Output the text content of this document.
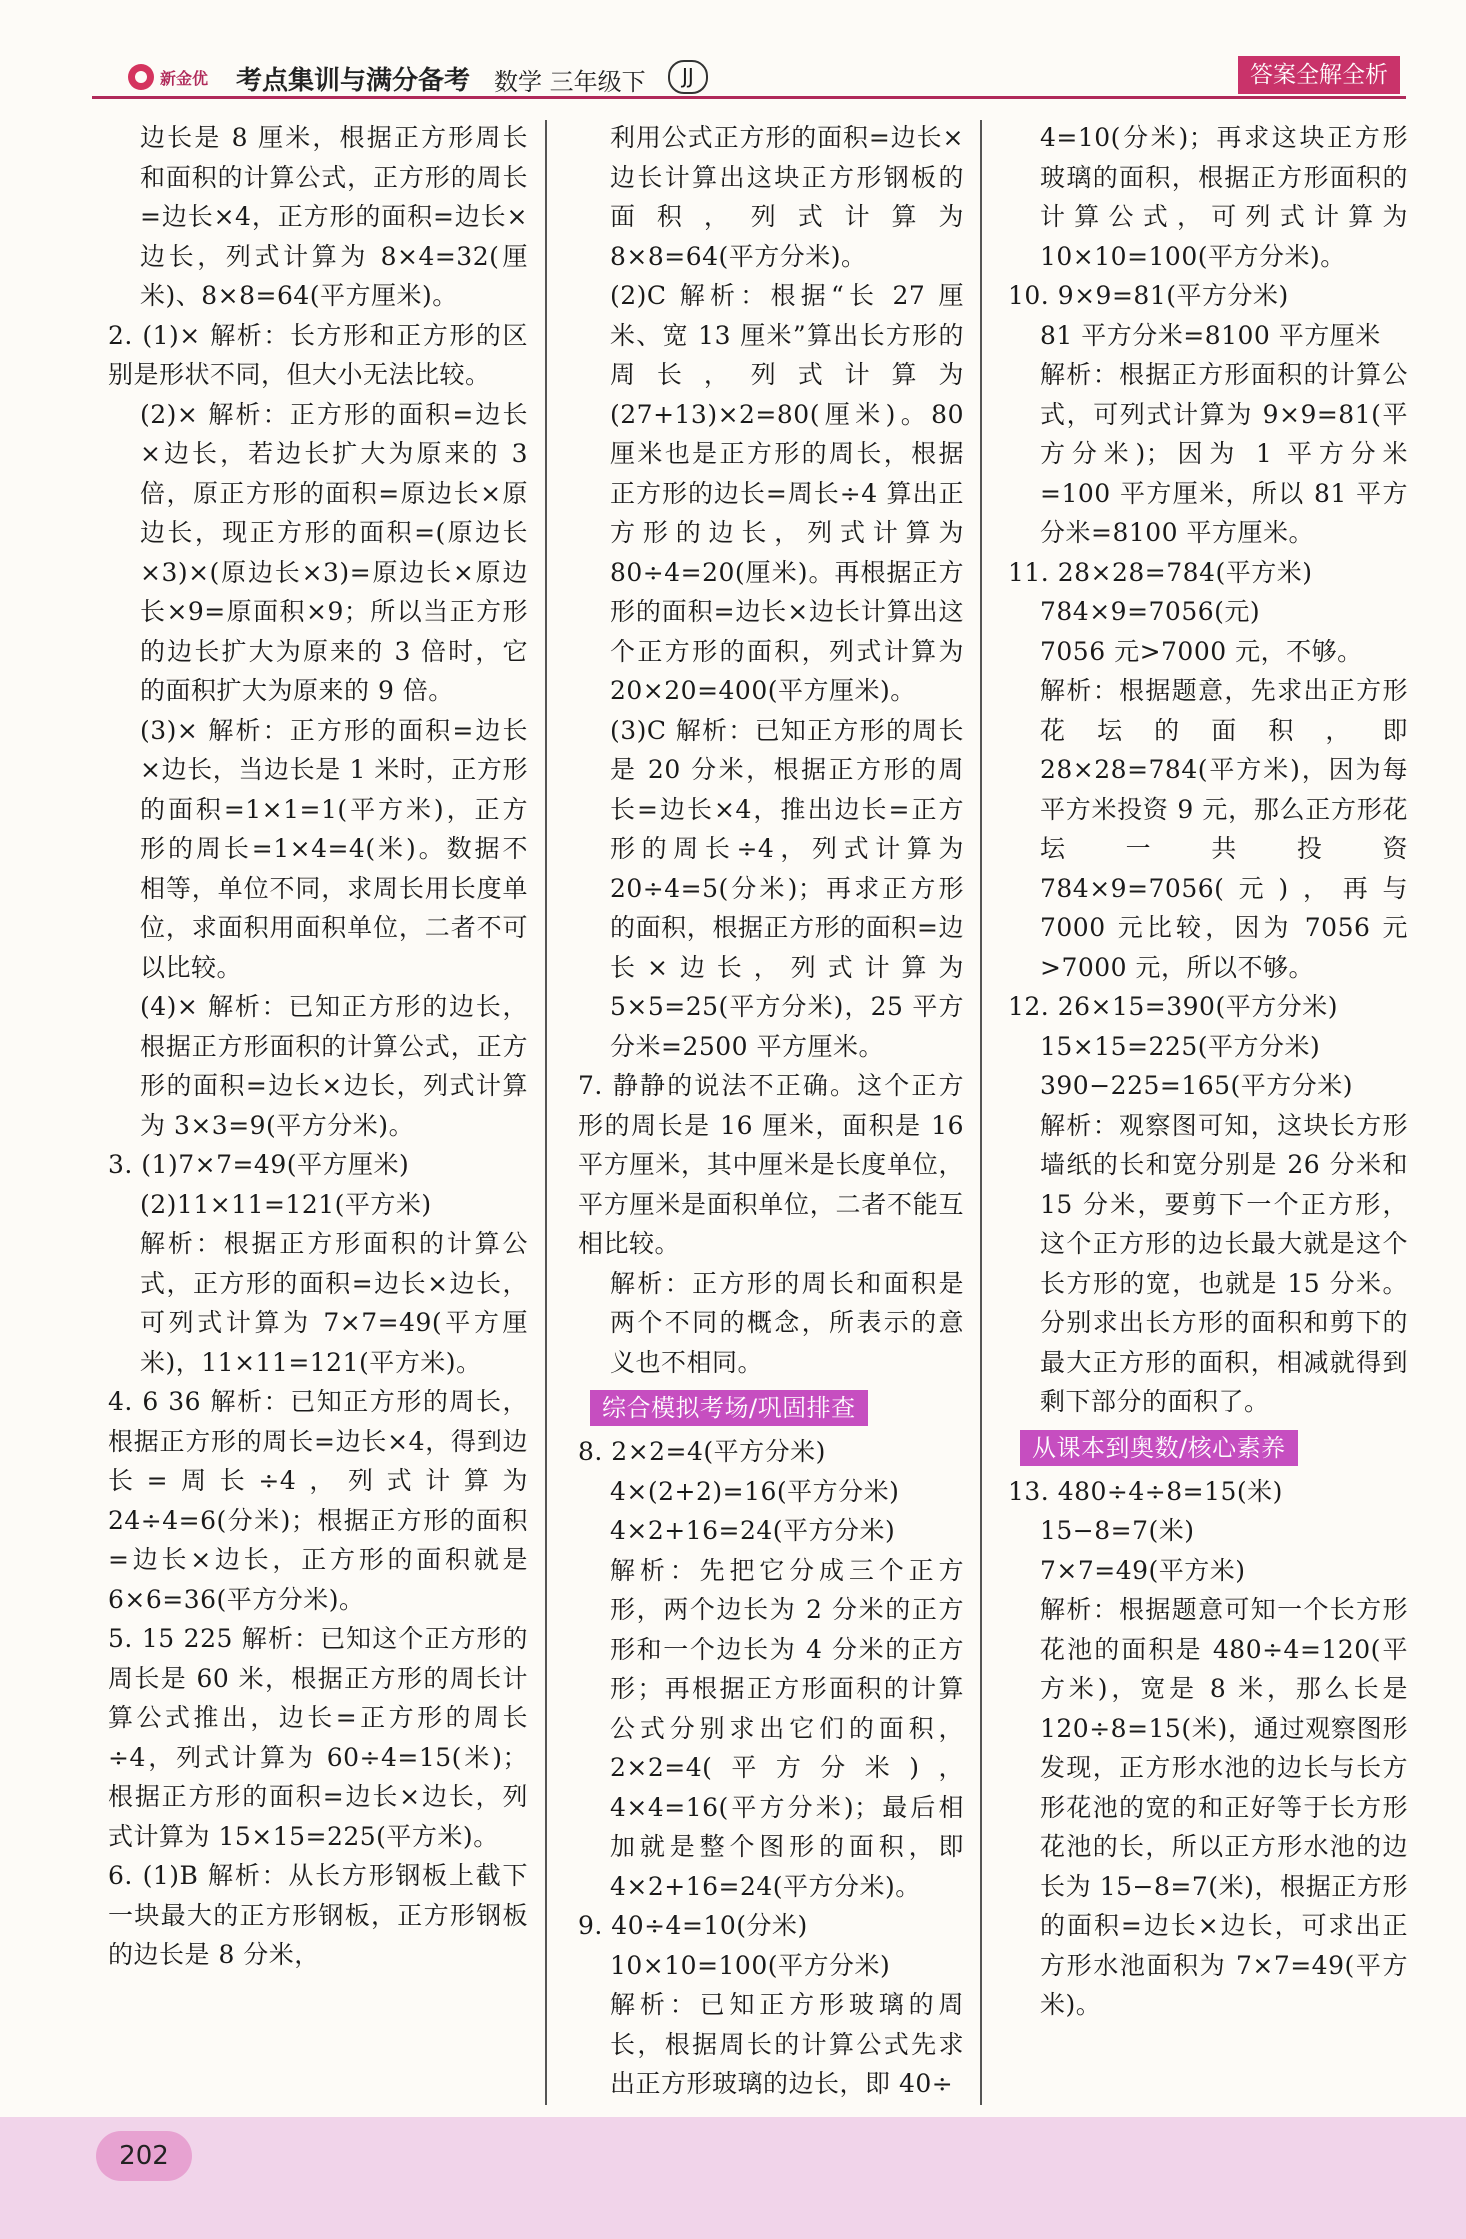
新金优 考点集训与满分备考 数学 三年级下	JJ	答案全解全析

边长是 8 厘米，根据正方形周长和面积的计算公式，正方形的周长=边长×4，正方形的面积=边长×边长，列式计算为 8×4=32(厘米)、8×8=64(平方厘米)。

2. (1)× 解析：长方形和正方形的区别是形状不同，但大小无法比较。

(2)× 解析：正方形的面积=边长×边长，若边长扩大为原来的 3 倍，原正方形的面积=原边长×原边长，现正方形的面积=(原边长×3)×(原边长×3)=原边长×原边长×9=原面积×9；所以当正方形的边长扩大为原来的 3 倍时，它的面积扩大为原来的 9 倍。

(3)× 解析：正方形的面积=边长×边长，当边长是 1 米时，正方形的面积=1×1=1(平方米)，正方形的周长=1×4=4(米)。数据不相等，单位不同，求周长用长度单位，求面积用面积单位，二者不可以比较。

(4)× 解析：已知正方形的边长，根据正方形面积的计算公式，正方形的面积=边长×边长，列式计算为 3×3=9(平方分米)。

3. (1)7×7=49(平方厘米)

(2)11×11=121(平方米)

解析：根据正方形面积的计算公式，正方形的面积=边长×边长，可列式计算为 7×7=49(平方厘米)，11×11=121(平方米)。

4. 6 36 解析：已知正方形的周长，根据正方形的周长=边长×4，得到边长=周长÷4，列式计算为 24÷4=6(分米)；根据正方形的面积=边长×边长，正方形的面积就是 6×6=36(平方分米)。

5. 15 225 解析：已知这个正方形的周长是 60 米，根据正方形的周长计算公式推出，边长=正方形的周长÷4，列式计算为 60÷4=15(米)；根据正方形的面积=边长×边长，列式计算为 15×15=225(平方米)。

6. (1)B 解析：从长方形钢板上截下一块最大的正方形钢板，正方形钢板的边长是 8 分米，

利用公式正方形的面积=边长×边长计算出这块正方形钢板的面积，列式计算为 8×8=64(平方分米)。

(2)C 解析：根据“长 27 厘米、宽 13 厘米”算出长方形的周长，列式计算为(27+13)×2=80(厘米)。80 厘米也是正方形的周长，根据正方形的边长=周长÷4 算出正方形的边长，列式计算为 80÷4=20(厘米)。再根据正方形的面积=边长×边长计算出这个正方形的面积，列式计算为 20×20=400(平方厘米)。

(3)C 解析：已知正方形的周长是 20 分米，根据正方形的周长=边长×4，推出边长=正方形的周长÷4，列式计算为 20÷4=5(分米)；再求正方形的面积，根据正方形的面积=边长×边长，列式计算为 5×5=25(平方分米)，25 平方分米=2500 平方厘米。

7. 静静的说法不正确。这个正方形的周长是 16 厘米，面积是 16 平方厘米，其中厘米是长度单位，平方厘米是面积单位，二者不能互相比较。

解析：正方形的周长和面积是两个不同的概念，所表示的意义也不相同。

综合模拟考场/巩固排查

8. 2×2=4(平方分米)

4×(2+2)=16(平方分米)

4×2+16=24(平方分米)

解析：先把它分成三个正方形，两个边长为 2 分米的正方形和一个边长为 4 分米的正方形；再根据正方形面积的计算公式分别求出它们的面积，2×2=4(平方分米)，4×4=16(平方分米)；最后相加就是整个图形的面积，即 4×2+16=24(平方分米)。

9. 40÷4=10(分米)

10×10=100(平方分米)

解析：已知正方形玻璃的周长，根据周长的计算公式先求出正方形玻璃的边长，即 40÷

4=10(分米)；再求这块正方形玻璃的面积，根据正方形面积的计算公式，可列式计算为 10×10=100(平方分米)。

10. 9×9=81(平方分米)

81 平方分米=8100 平方厘米

解析：根据正方形面积的计算公式，可列式计算为 9×9=81(平方分米)；因为 1 平方分米=100 平方厘米，所以 81 平方分米=8100 平方厘米。

11. 28×28=784(平方米)

784×9=7056(元)

7056 元>7000 元，不够。

解析：根据题意，先求出正方形花坛的面积，即 28×28=784(平方米)，因为每平方米投资 9 元，那么正方形花坛一共投资 784×9=7056(元)，再与 7000 元比较，因为 7056 元>7000 元，所以不够。

12. 26×15=390(平方分米)

15×15=225(平方分米)

390−225=165(平方分米)

解析：观察图可知，这块长方形墙纸的长和宽分别是 26 分米和 15 分米，要剪下一个正方形，这个正方形的边长最大就是这个长方形的宽，也就是 15 分米。分别求出长方形的面积和剪下的最大正方形的面积，相减就得到剩下部分的面积了。

从课本到奥数/核心素养

13. 480÷4÷8=15(米)

15−8=7(米)

7×7=49(平方米)

解析：根据题意可知一个长方形花池的面积是 480÷4=120(平方米)，宽是 8 米，那么长是 120÷8=15(米)，通过观察图形发现，正方形水池的边长与长方形花池的宽的和正好等于长方形花池的长，所以正方形水池的边长为 15−8=7(米)，根据正方形的面积=边长×边长，可求出正方形水池面积为 7×7=49(平方米)。

202
